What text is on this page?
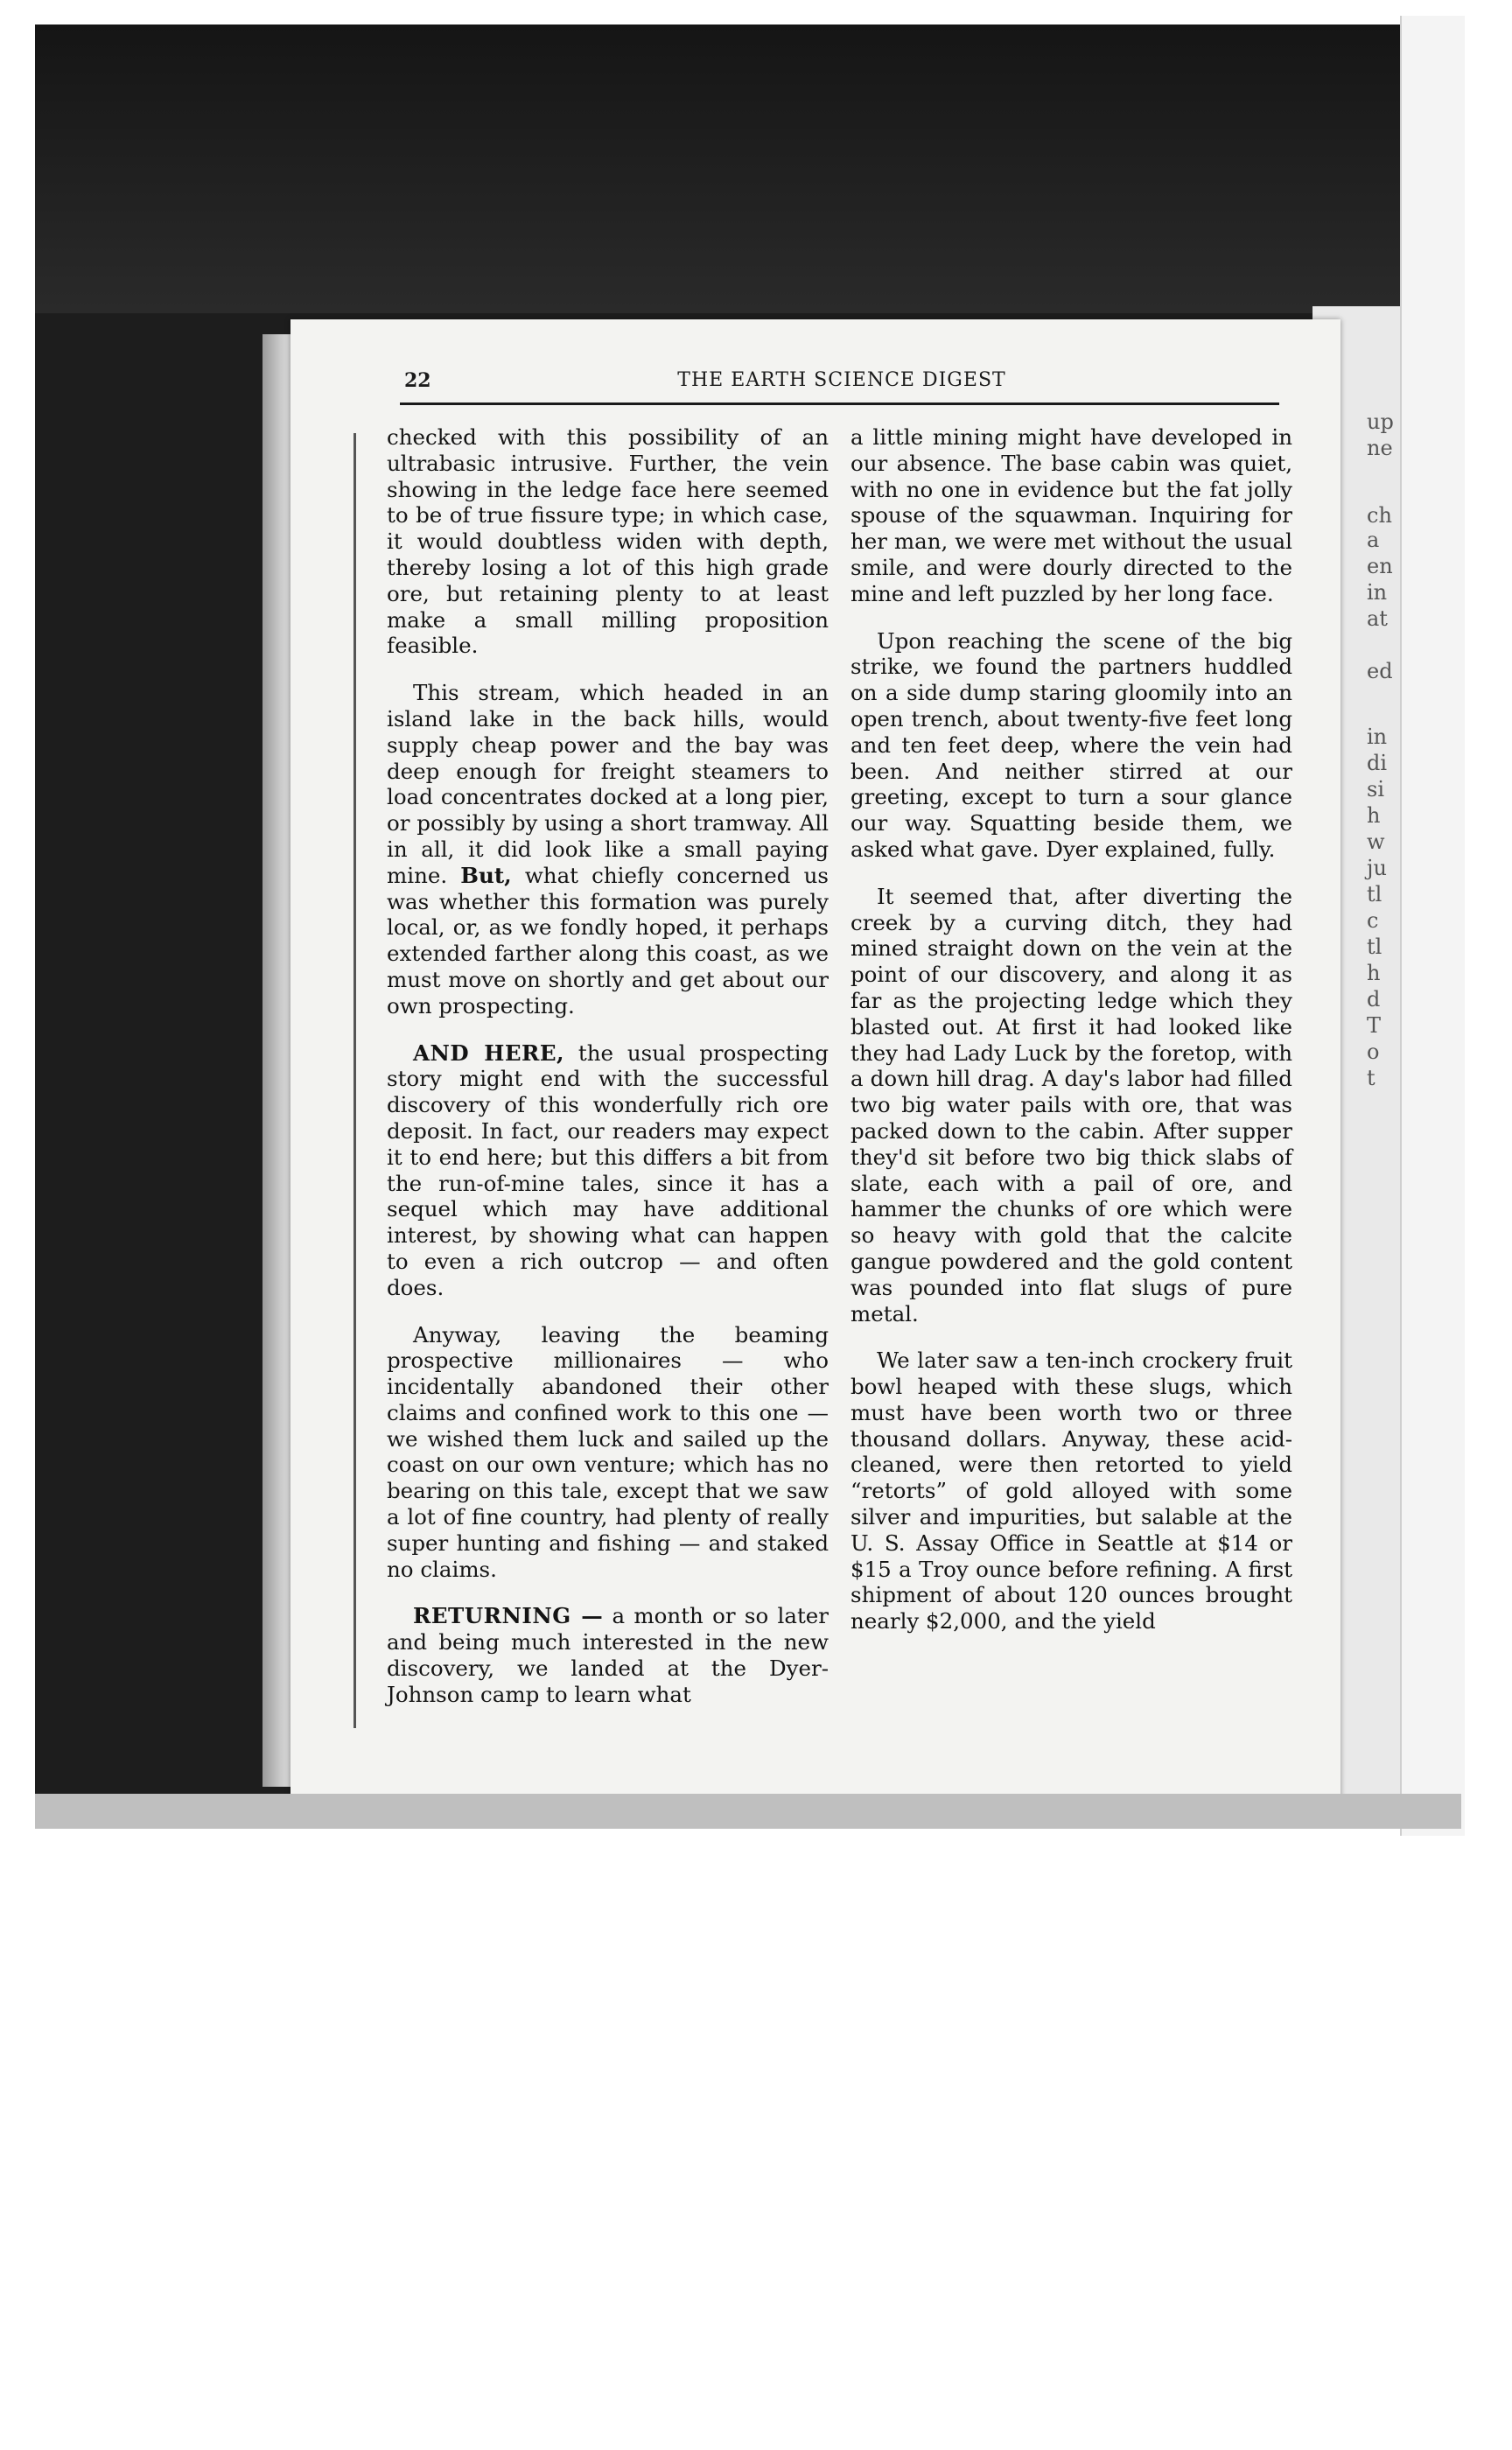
up
ne
ch
a
en
in
at
ed
in
di
si
h
w
ju
tl
c
tl
h
d
T
o
t
22	THE EARTH SCIENCE DIGEST

checked with this possibility of an ultrabasic intrusive. Further, the vein showing in the ledge face here seemed to be of true fissure type; in which case, it would doubtless widen with depth, thereby losing a lot of this high grade ore, but retaining plenty to at least make a small milling proposition feasible.

This stream, which headed in an island lake in the back hills, would supply cheap power and the bay was deep enough for freight steamers to load concentrates docked at a long pier, or possibly by using a short tramway. All in all, it did look like a small paying mine. But, what chiefly concerned us was whether this formation was purely local, or, as we fondly hoped, it perhaps extended farther along this coast, as we must move on shortly and get about our own prospecting.

AND HERE, the usual prospecting story might end with the successful discovery of this wonderfully rich ore deposit. In fact, our readers may expect it to end here; but this differs a bit from the run-of-mine tales, since it has a sequel which may have additional interest, by showing what can happen to even a rich outcrop — and often does.

Anyway, leaving the beaming prospective millionaires — who incidentally abandoned their other claims and confined work to this one — we wished them luck and sailed up the coast on our own venture; which has no bearing on this tale, except that we saw a lot of fine country, had plenty of really super hunting and fishing — and staked no claims.

RETURNING — a month or so later and being much interested in the new discovery, we landed at the Dyer-Johnson camp to learn what

a little mining might have developed in our absence. The base cabin was quiet, with no one in evidence but the fat jolly spouse of the squawman. Inquiring for her man, we were met without the usual smile, and were dourly directed to the mine and left puzzled by her long face.

Upon reaching the scene of the big strike, we found the partners huddled on a side dump staring gloomily into an open trench, about twenty-five feet long and ten feet deep, where the vein had been. And neither stirred at our greeting, except to turn a sour glance our way. Squatting beside them, we asked what gave. Dyer explained, fully.

It seemed that, after diverting the creek by a curving ditch, they had mined straight down on the vein at the point of our discovery, and along it as far as the projecting ledge which they blasted out. At first it had looked like they had Lady Luck by the foretop, with a down hill drag. A day's labor had filled two big water pails with ore, that was packed down to the cabin. After supper they'd sit before two big thick slabs of slate, each with a pail of ore, and hammer the chunks of ore which were so heavy with gold that the calcite gangue powdered and the gold content was pounded into flat slugs of pure metal.

We later saw a ten-inch crockery fruit bowl heaped with these slugs, which must have been worth two or three thousand dollars. Anyway, these acid-cleaned, were then retorted to yield “retorts” of gold alloyed with some silver and impurities, but salable at the U. S. Assay Office in Seattle at $14 or $15 a Troy ounce before refining. A first shipment of about 120 ounces brought nearly $2,000, and the yield
